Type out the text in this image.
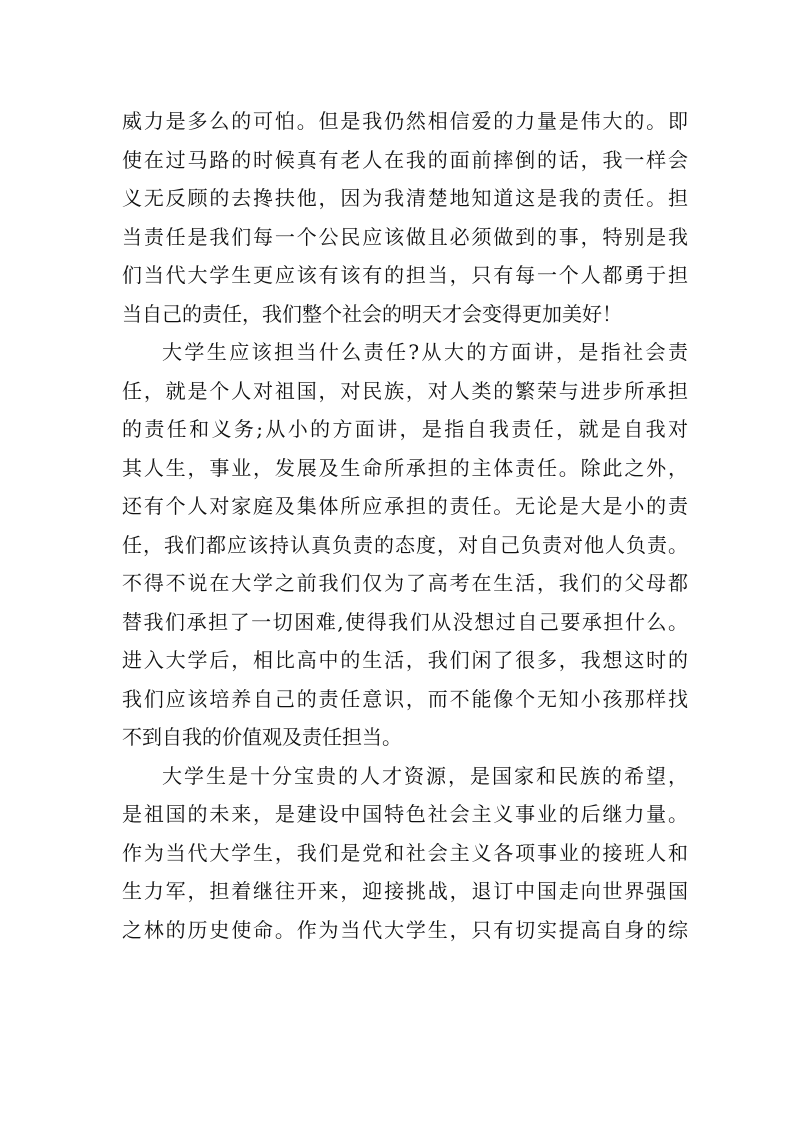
威力是多么的可怕。但是我仍然相信爱的力量是伟大的。即
使在过马路的时候真有老人在我的面前摔倒的话，我一样会
义无反顾的去搀扶他，因为我清楚地知道这是我的责任。担
当责任是我们每一个公民应该做且必须做到的事，特别是我
们当代大学生更应该有该有的担当，只有每一个人都勇于担
当自己的责任，我们整个社会的明天才会变得更加美好！
大学生应该担当什么责任?从大的方面讲，是指社会责
任，就是个人对祖国，对民族，对人类的繁荣与进步所承担
的责任和义务;从小的方面讲，是指自我责任，就是自我对
其人生，事业，发展及生命所承担的主体责任。除此之外，
还有个人对家庭及集体所应承担的责任。无论是大是小的责
任，我们都应该持认真负责的态度，对自己负责对他人负责。
不得不说在大学之前我们仅为了高考在生活，我们的父母都
替我们承担了一切困难,使得我们从没想过自己要承担什么。
进入大学后，相比高中的生活，我们闲了很多，我想这时的
我们应该培养自己的责任意识，而不能像个无知小孩那样找
不到自我的价值观及责任担当。
大学生是十分宝贵的人才资源，是国家和民族的希望，
是祖国的未来，是建设中国特色社会主义事业的后继力量。
作为当代大学生，我们是党和社会主义各项事业的接班人和
生力军，担着继往开来，迎接挑战，退订中国走向世界强国
之林的历史使命。作为当代大学生，只有切实提高自身的综
